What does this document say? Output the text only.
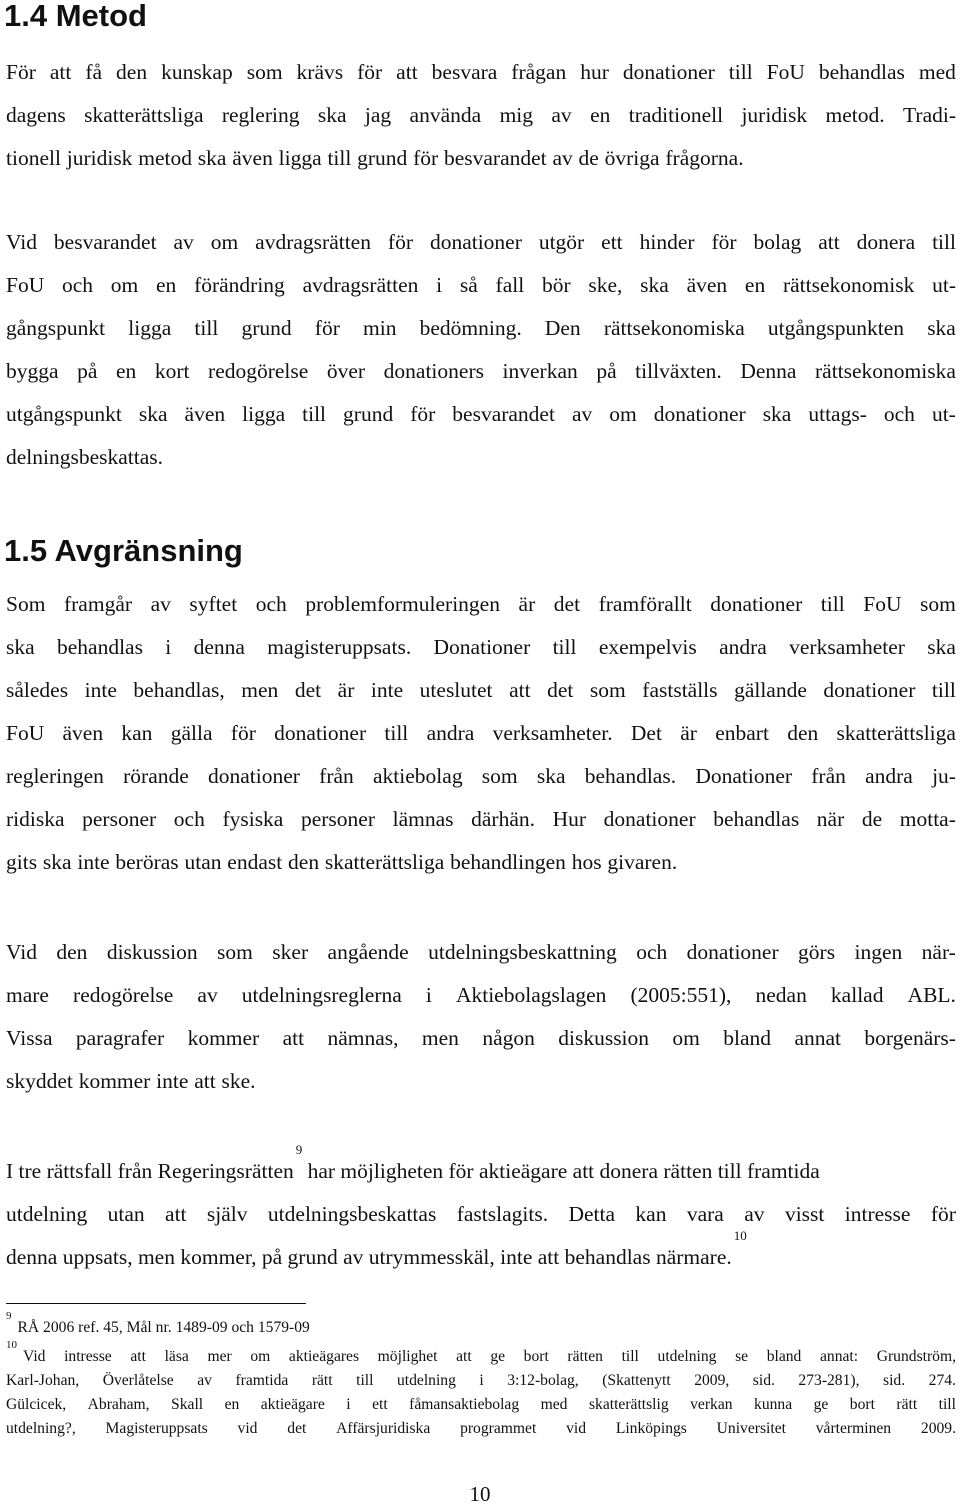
1.4 Metod
För att få den kunskap som krävs för att besvara frågan hur donationer till FoU behandlas med
dagens skatterättsliga reglering ska jag använda mig av en traditionell juridisk metod. Tradi-
tionell juridisk metod ska även ligga till grund för besvarandet av de övriga frågorna.
Vid besvarandet av om avdragsrätten för donationer utgör ett hinder för bolag att donera till
FoU och om en förändring avdragsrätten i så fall bör ske, ska även en rättsekonomisk ut-
gångspunkt ligga till grund för min bedömning. Den rättsekonomiska utgångspunkten ska
bygga på en kort redogörelse över donationers inverkan på tillväxten. Denna rättsekonomiska
utgångspunkt ska även ligga till grund för besvarandet av om donationer ska uttags- och ut-
delningsbeskattas.
1.5 Avgränsning
Som framgår av syftet och problemformuleringen är det framförallt donationer till FoU som
ska behandlas i denna magisteruppsats. Donationer till exempelvis andra verksamheter ska
således inte behandlas, men det är inte uteslutet att det som fastställs gällande donationer till
FoU även kan gälla för donationer till andra verksamheter. Det är enbart den skatterättsliga
regleringen rörande donationer från aktiebolag som ska behandlas. Donationer från andra ju-
ridiska personer och fysiska personer lämnas därhän. Hur donationer behandlas när de motta-
gits ska inte beröras utan endast den skatterättsliga behandlingen hos givaren.
Vid den diskussion som sker angående utdelningsbeskattning och donationer görs ingen när-
mare redogörelse av utdelningsreglerna i Aktiebolagslagen (2005:551), nedan kallad ABL.
Vissa paragrafer kommer att nämnas, men någon diskussion om bland annat borgenärs-
skyddet kommer inte att ske.
I tre rättsfall från Regeringsrätten
9
har möjligheten för aktieägare att donera rätten till framtida
utdelning utan att själv utdelningsbeskattas fastslagits. Detta kan vara av visst intresse för
denna uppsats, men kommer, på grund av utrymmesskäl, inte att behandlas närmare.
10
9
RÅ 2006 ref. 45, Mål nr. 1489-09 och 1579-09
10
Vid intresse att läsa mer om aktieägares möjlighet att ge bort rätten till utdelning se bland annat: Grundström,
Karl-Johan, Överlåtelse av framtida rätt till utdelning i 3:12-bolag, (Skattenytt 2009, sid. 273-281), sid. 274.
Gülcicek, Abraham, Skall en aktieägare i ett fåmansaktiebolag med skatterättslig verkan kunna ge bort rätt till
utdelning?, Magisteruppsats vid det Affärsjuridiska programmet vid Linköpings Universitet vårterminen 2009.
10
